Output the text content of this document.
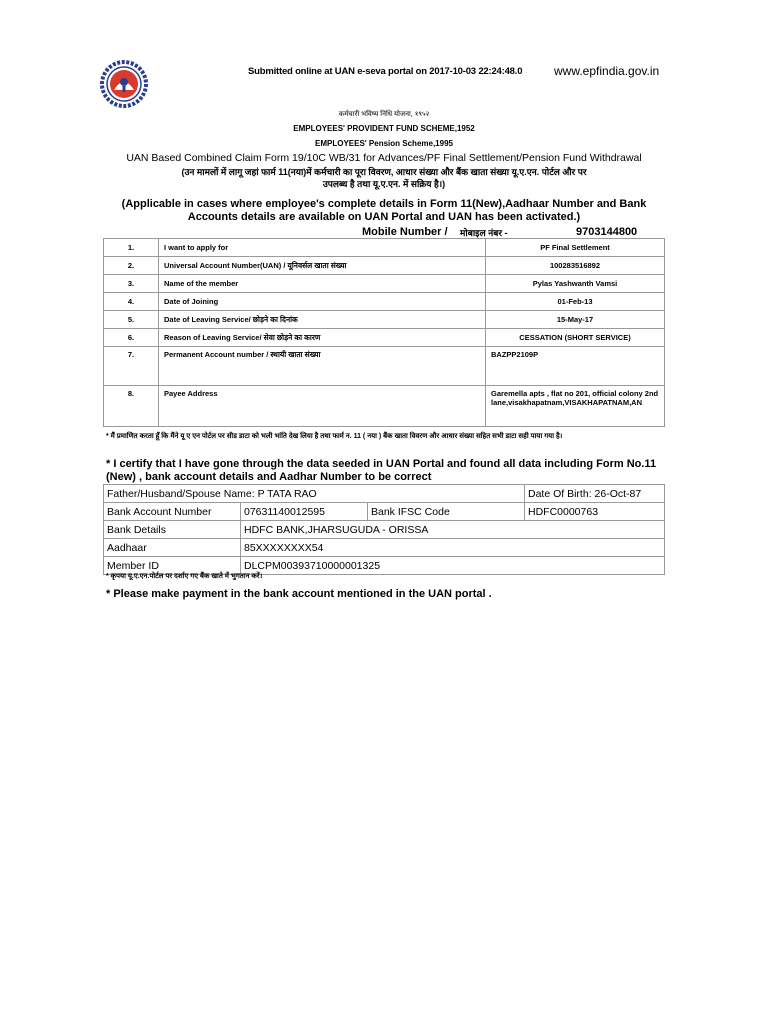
Submitted online at UAN e-seva portal on 2017-10-03 22:24:48.0	www.epfindia.gov.in
कर्मचारी भविष्य निधि योजना, १९५२
EMPLOYEES' PROVIDENT FUND SCHEME,1952
EMPLOYEES' Pension Scheme,1995
UAN Based Combined Claim Form 19/10C WB/31 for Advances/PF Final Settlement/Pension Fund Withdrawal
(उन मामलों में लागू जहां फार्म 11(नया)में कर्मचारी का पूरा विवरण, आधार संख्या और बैंक खाता संख्या यू.ए.एन. पोर्टल और पर
उपलब्ध है तथा यू.ए.एन. में सक्रिय है।)
(Applicable in cases where employee's complete details in Form 11(New),Aadhaar Number and Bank
Accounts details are available on UAN Portal and UAN has been activated.)
Mobile Number / मोबाइल नंबर -	9703144800
1.	I want to apply for	PF Final Settlement
2.	Universal Account Number(UAN) / यूनिवर्सल खाता संख्या	100283516892
3.	Name of the member	Pylas Yashwanth Vamsi
4.	Date of Joining	01-Feb-13
5.	Date of Leaving Service/ छोड़ने का दिनांक	15-May-17
6.	Reason of Leaving Service/ सेवा छोड़ने का कारण	CESSATION (SHORT SERVICE)
7.	Permanent Account number / स्थायी खाता संख्या	BAZPP2109P
8.	Payee Address	Garemella apts , flat no 201, official colony 2nd lane,visakhapatnam,VISAKHAPATNAM,AN
* मैं प्रमाणित करता हूँ कि मैंने यू ए एन पोर्टल पर सीड डाटा को भली भांति देख लिया है तथा फार्म न. 11 ( नया ) बैंक खाता विवरण और आधार संख्या सहित सभी डाटा सही पाया गया है।
* I certify that I have gone through the data seeded in UAN Portal and found all data including Form No.11 (New) , bank account details and Aadhar Number to be correct
Father/Husband/Spouse Name: P TATA RAO			Date Of Birth: 26-Oct-87
Bank Account Number	07631140012595	Bank IFSC Code	HDFC0000763
Bank Details	HDFC BANK,JHARSUGUDA - ORISSA		
Aadhaar	85XXXXXXXX54		
Member ID	DLCPM00393710000001325		
* कृपया यू.ए.एन.पोर्टल पर दर्शाए गए बैंक खाते में भुगतान करें।
* Please make payment in the bank account mentioned in the UAN portal .
